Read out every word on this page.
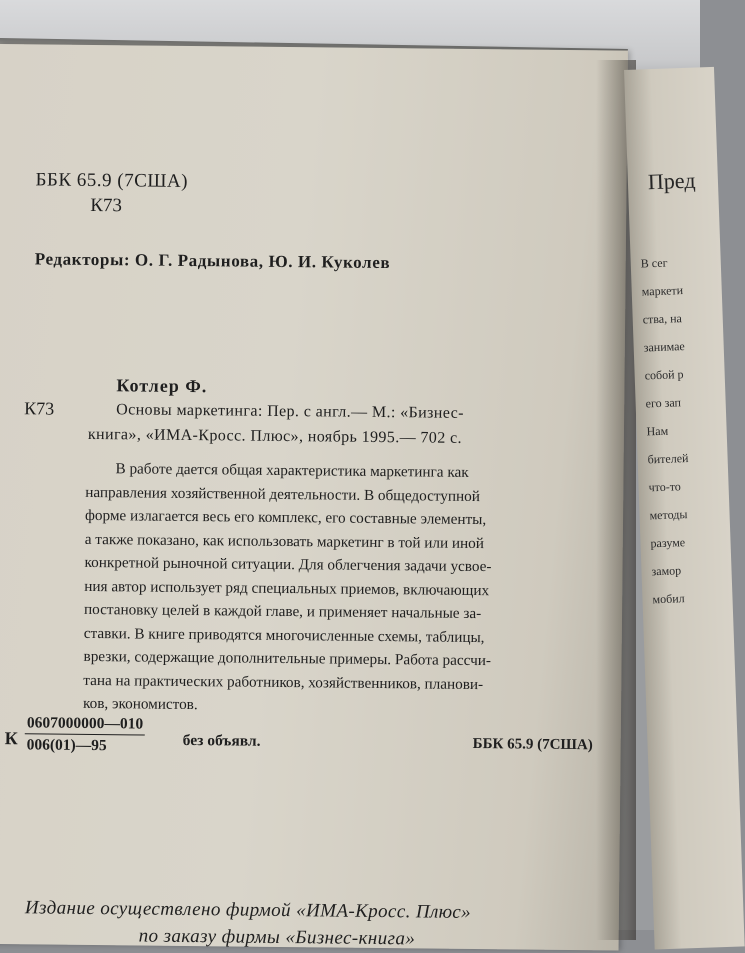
ББК 65.9 (7США)

К73

Редакторы: О. Г. Радынова, Ю. И. Куколев

Котлер Ф.

К73	Основы маркетинга: Пер. с англ.— М.: «Бизнес-

книга», «ИМА-Кросс. Плюс», ноябрь 1995.— 702 с.

В работе дается общая характеристика маркетинга как
направления хозяйственной деятельности. В общедоступной
форме излагается весь его комплекс, его составные элементы,
а также показано, как использовать маркетинг в той или иной
конкретной рыночной ситуации. Для облегчения задачи усвое-
ния автор использует ряд специальных приемов, включающих
постановку целей в каждой главе, и применяет начальные за-
ставки. В книге приводятся многочисленные схемы, таблицы,
врезки, содержащие дополнительные примеры. Работа рассчи-
тана на практических работников, хозяйственников, планови-
ков, экономистов.

К $\frac{0607000000—010}{006(01)—95}$ без объявл.	ББК 65.9 (7США)

Издание осуществлено фирмой «ИМА-Кросс. Плюс»

по заказу фирмы «Бизнес-книга»

Пред
В сег
маркети
ства, на
занимае
собой р
его зап
Нам
бителей
что-то
методы
разуме
замор
мобил
